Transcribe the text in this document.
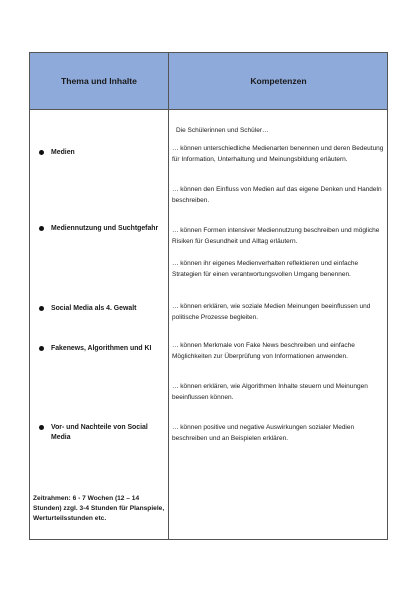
Thema und Inhalte	Kompetenzen
Medien
Mediennutzung und Suchtgefahr
Social Media als 4. Gewalt
Fakenews, Algorithmen und KI
Vor- und Nachteile von Social Media
Zeitrahmen: 6 - 7 Wochen (12 – 14 Stunden) zzgl. 3-4 Stunden für Planspiele, Werturteilsstunden etc.
Die Schülerinnen und Schüler…
… können unterschiedliche Medienarten benennen und deren Bedeutung für Information, Unterhaltung und Meinungsbildung erläutern.
… können den Einfluss von Medien auf das eigene Denken und Handeln beschreiben.
… können Formen intensiver Mediennutzung beschreiben und mögliche Risiken für Gesundheit und Alltag erläutern.
… können ihr eigenes Medienverhalten reflektieren und einfache Strategien für einen verantwortungsvollen Umgang benennen.
… können erklären, wie soziale Medien Meinungen beeinflussen und politische Prozesse begleiten.
… können Merkmale von Fake News beschreiben und einfache Möglichkeiten zur Überprüfung von Informationen anwenden.
… können erklären, wie Algorithmen Inhalte steuern und Meinungen beeinflussen können.
… können positive und negative Auswirkungen sozialer Medien beschreiben und an Beispielen erklären.
